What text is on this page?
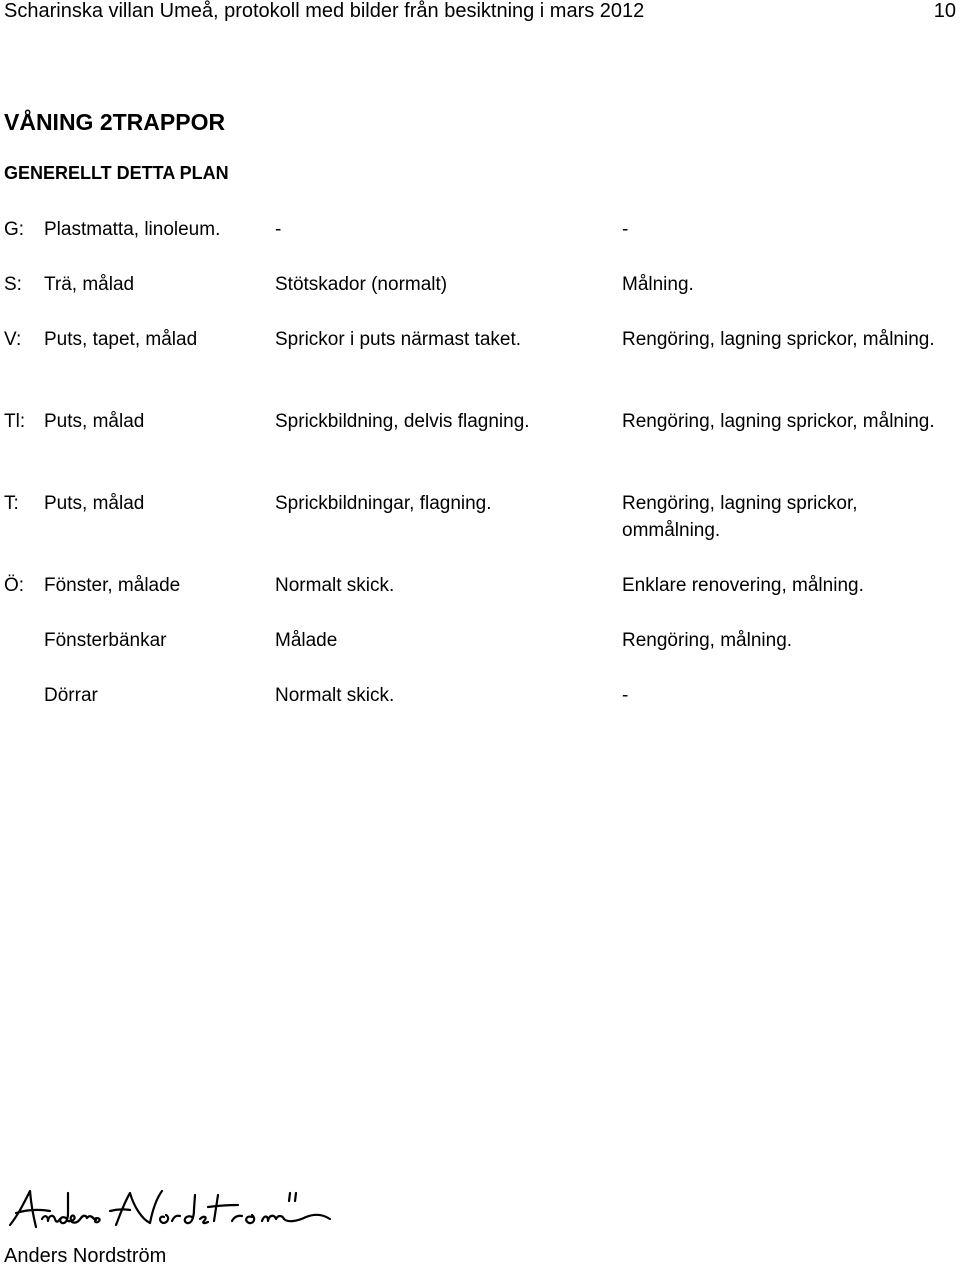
Scharinska villan Umeå, protokoll med bilder från besiktning i mars 2012	10
VÅNING 2TRAPPOR
GENERELLT DETTA PLAN
G: Plastmatta, linoleum.	-	-
S: Trä, målad	Stötskador (normalt)	Målning.
V: Puts, tapet, målad	Sprickor i puts närmast taket.	Rengöring, lagning sprickor, målning.
Tl: Puts, målad	Sprickbildning, delvis flagning.	Rengöring, lagning sprickor, målning.
T: Puts, målad	Sprickbildningar, flagning.	Rengöring, lagning sprickor, ommålning.
Ö: Fönster, målade	Normalt skick.	Enklare renovering, målning.
Fönsterbänkar	Målade	Rengöring, målning.
Dörrar	Normalt skick.	-
Anders Nordström
